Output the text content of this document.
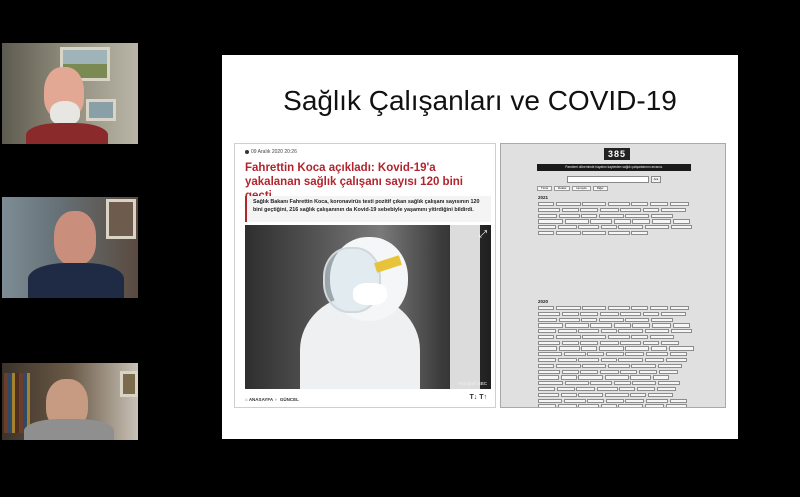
Sağlık Çalışanları ve COVID-19
09 Aralık 2020 20:26
Fahrettin Koca açıkladı: Kovid-19'a yakalanan sağlık çalışanı sayısı 120 bini
Sağlık Bakanı Fahrettin Koca, koronavirüs testi pozitif çıkan sağlık çalışanı sayısının 120 bini geçtiğini, 216 sağlık çalışanının da Kovid-19 sebebiyle yaşamını yitirdiğini bildirdi.
⤢
Fotoğraf: BBC
⌂ ANASAYFA › GÜNCEL	T↓ T↑
385
Pandemi döneminde hayatını kaybeden sağlık çalışanlarının anısına.
Ara
Tümü	Doktor	Hemşire	Diğer
2021
2020
